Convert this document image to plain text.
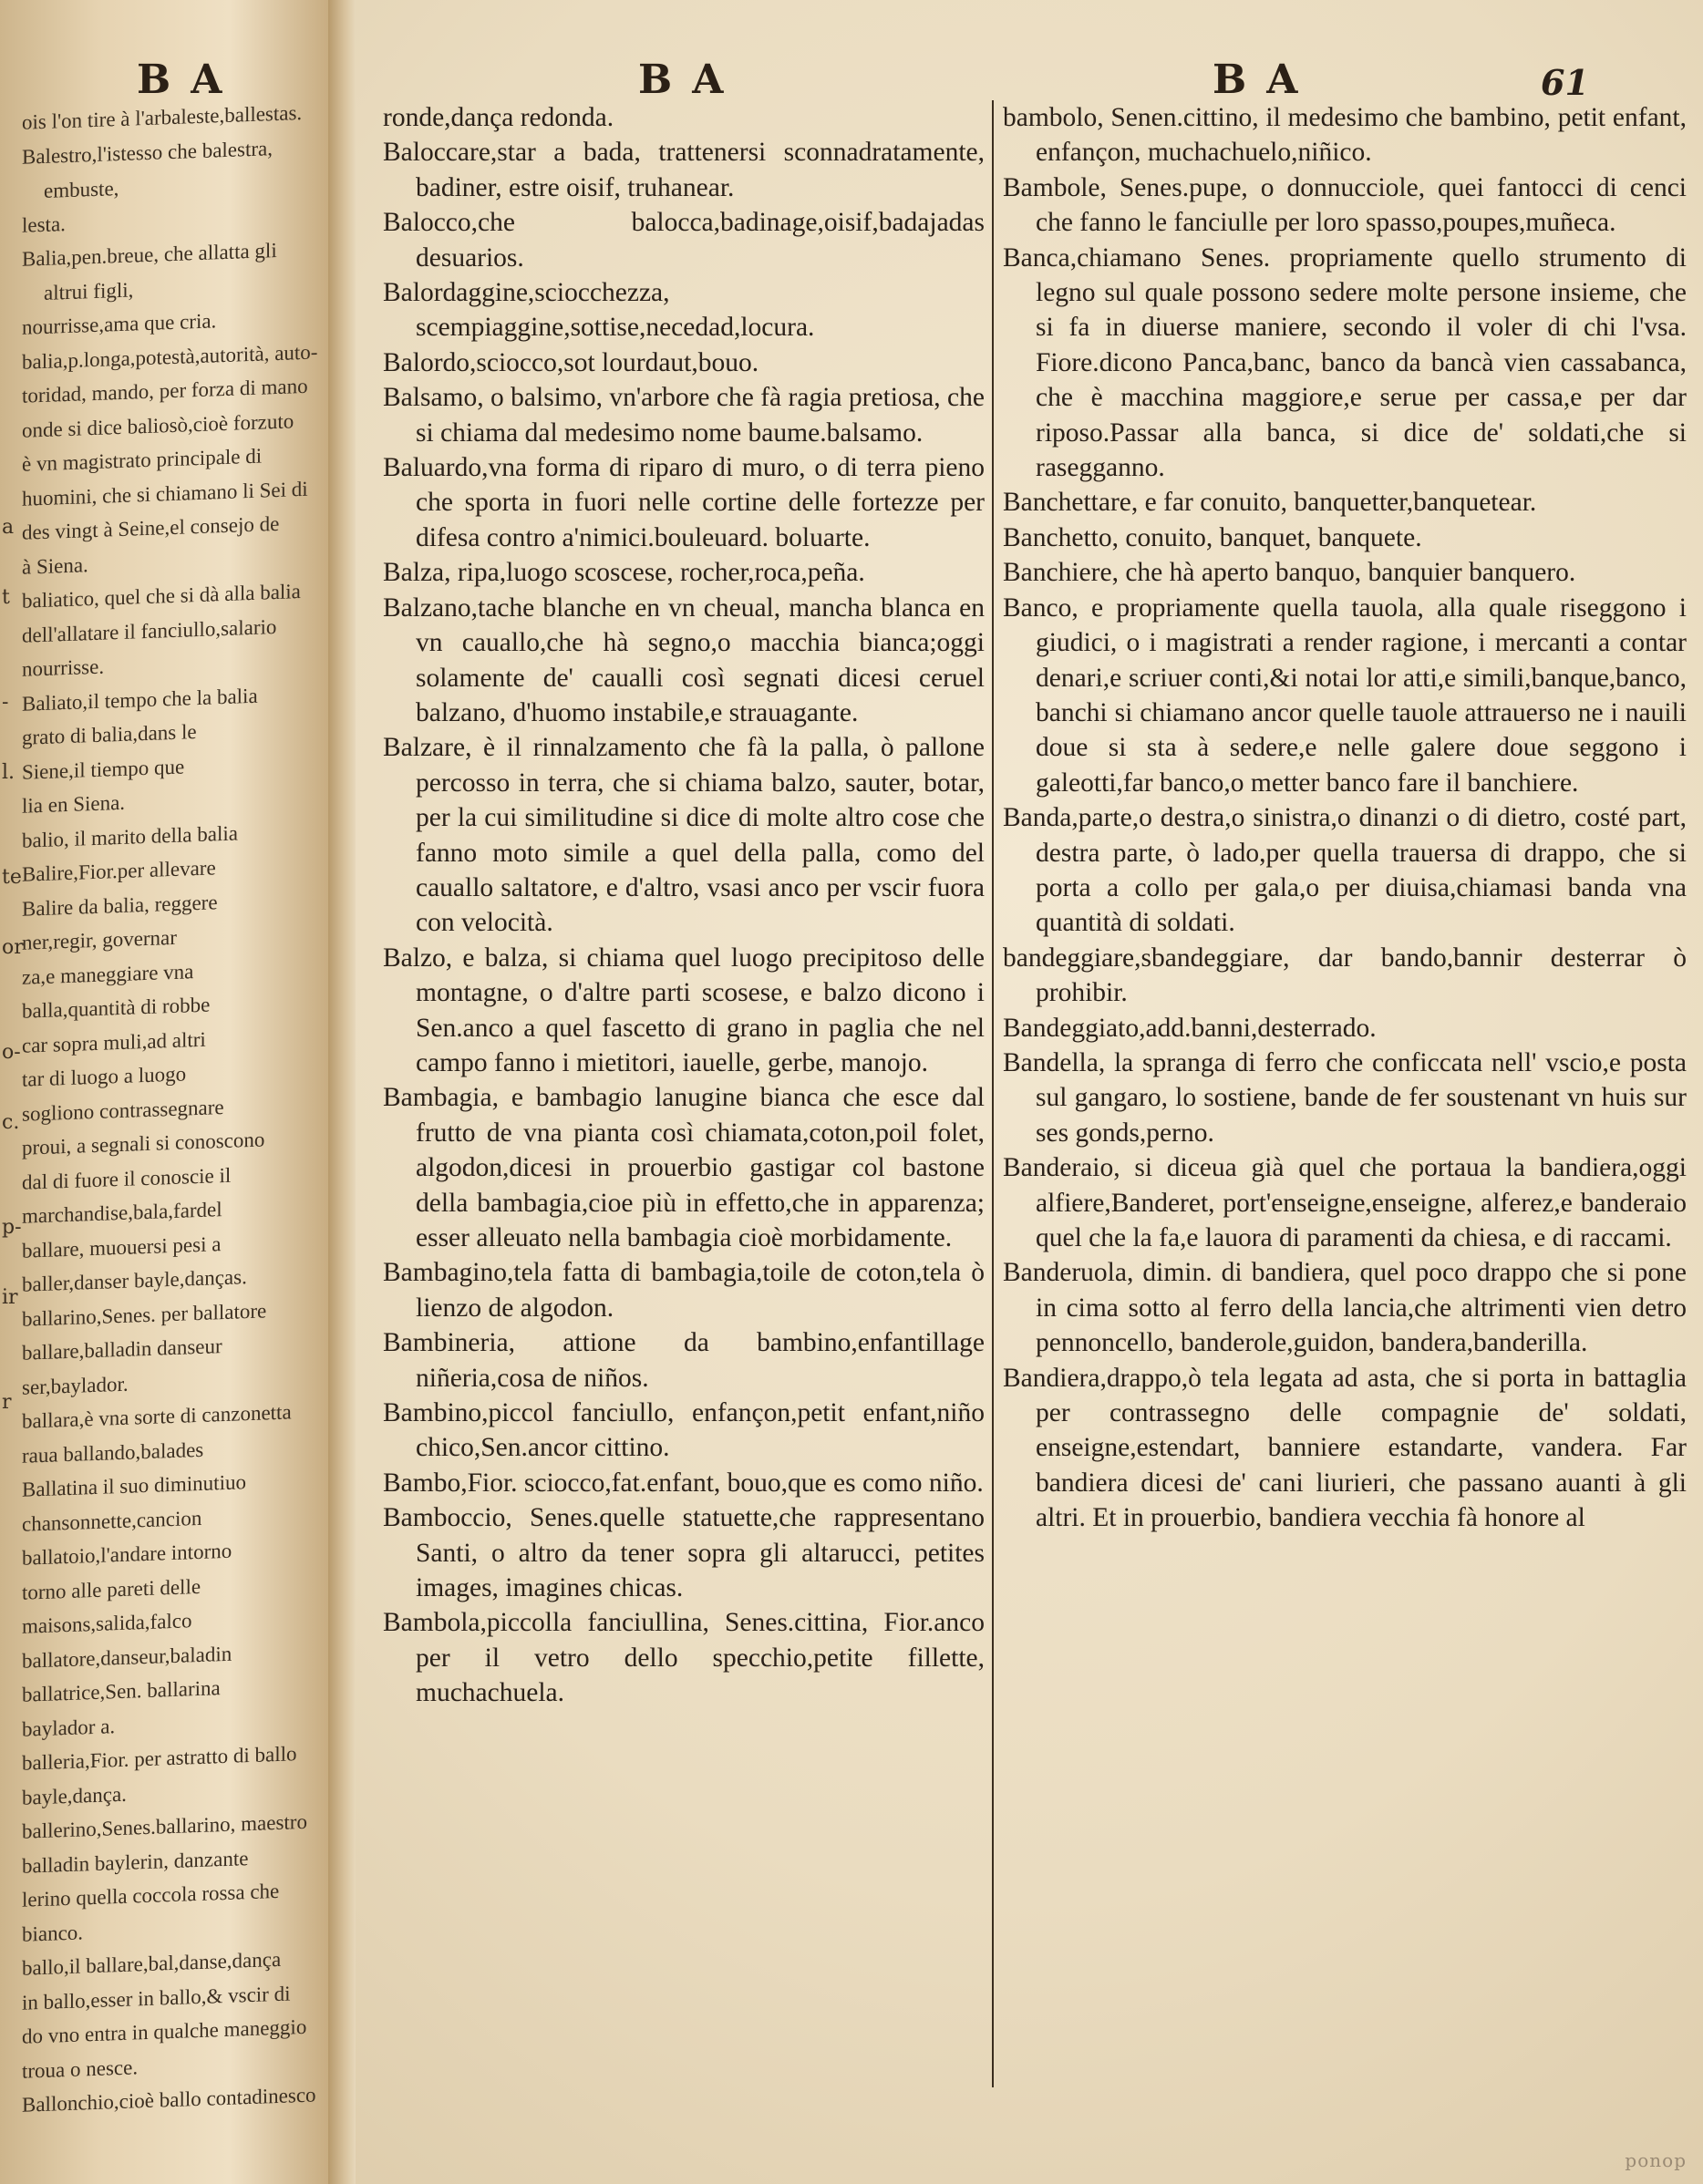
BA
a
t
-
l.
te
or
o-
c.
p-
ir
r

ois l'on tire à l'arbaleste,ballestas.

Balestro,l'istesso che balestra, embuste,

lesta.

Balia,pen.breue, che allatta gli altrui figli,

nourrisse,ama que cria.

balia,p.longa,potestà,autorità, auto-

toridad, mando, per forza di mano

onde si dice baliosò,cioè forzuto

è vn magistrato principale di

huomini, che si chiamano li Sei di

des vingt à Seine,el consejo de

à Siena.

baliatico, quel che si dà alla balia

dell'allatare il fanciullo,salario

nourrisse.

Baliato,il tempo che la balia

grato di balia,dans le

Siene,il tiempo que

lia en Siena.

balio, il marito della balia

Balire,Fior.per allevare

Balire da balia, reggere

ner,regir, governar

za,e maneggiare vna

balla,quantità di robbe

car sopra muli,ad altri

tar di luogo a luogo

sogliono contrassegnare

proui, a segnali si conoscono

dal di fuore il conoscie il

marchandise,bala,fardel

ballare, muouersi pesi a

baller,danser bayle,danças.

ballarino,Senes. per ballatore

ballare,balladin danseur

ser,baylador.

ballara,è vna sorte di canzonetta

raua ballando,balades

Ballatina il suo diminutiuo

chansonnette,cancion

ballatoio,l'andare intorno

torno alle pareti delle

maisons,salida,falco

ballatore,danseur,baladin

ballatrice,Sen. ballarina

baylador a.

balleria,Fior. per astratto di ballo

bayle,dança.

ballerino,Senes.ballarino, maestro

balladin baylerin, danzante

lerino quella coccola rossa che

bianco.

ballo,il ballare,bal,danse,dança

in ballo,esser in ballo,& vscir di

do vno entra in qualche maneggio

troua o nesce.

Ballonchio,cioè ballo contadinesco

BA	BA	61

ronde,dança redonda.

Baloccare,star a bada, trattenersi sconnadratamente, badiner, estre oisif, truhanear.

Balocco,che balocca,badinage,oisif,badajadas desuarios.

Balordaggine,sciocchezza, scempiaggine,sottise,necedad,locura.

Balordo,sciocco,sot lourdaut,bouo.

Balsamo, o balsimo, vn'arbore che fà ragia pretiosa, che si chiama dal medesimo nome baume.balsamo.

Baluardo,vna forma di riparo di muro, o di terra pieno che sporta in fuori nelle cortine delle fortezze per difesa contro a'nimici.bouleuard. boluarte.

Balza, ripa,luogo scoscese, rocher,roca,peña.

Balzano,tache blanche en vn cheual, mancha blanca en vn cauallo,che hà segno,o macchia bianca;oggi solamente de' caualli così segnati dicesi ceruel balzano, d'huomo instabile,e strauagante.

Balzare, è il rinnalzamento che fà la palla, ò pallone percosso in terra, che si chiama balzo, sauter, botar, per la cui similitudine si dice di molte altro cose che fanno moto simile a quel della palla, como del cauallo saltatore, e d'altro, vsasi anco per vscir fuora con velocità.

Balzo, e balza, si chiama quel luogo precipitoso delle montagne, o d'altre parti scosese, e balzo dicono i Sen.anco a quel fascetto di grano in paglia che nel campo fanno i mietitori, iauelle, gerbe, manojo.

Bambagia, e bambagio lanugine bianca che esce dal frutto de vna pianta così chiamata,coton,poil folet, algodon,dicesi in prouerbio gastigar col bastone della bambagia,cioe più in effetto,che in apparenza; esser alleuato nella bambagia cioè morbidamente.

Bambagino,tela fatta di bambagia,toile de coton,tela ò lienzo de algodon.

Bambineria, attione da bambino,enfantillage niñeria,cosa de niños.

Bambino,piccol fanciullo, enfançon,petit enfant,niño chico,Sen.ancor cittino.

Bambo,Fior. sciocco,fat.enfant, bouo,que es como niño.

Bamboccio, Senes.quelle statuette,che rappresentano Santi, o altro da tener sopra gli altarucci, petites images, imagines chicas.

Bambola,piccolla fanciullina, Senes.cittina, Fior.anco per il vetro dello specchio,petite fillette, muchachuela.

bambolo, Senen.cittino, il medesimo che bambino, petit enfant, enfançon, muchachuelo,niñico.

Bambole, Senes.pupe, o donnucciole, quei fantocci di cenci che fanno le fanciulle per loro spasso,poupes,muñeca.

Banca,chiamano Senes. propriamente quello strumento di legno sul quale possono sedere molte persone insieme, che si fa in diuerse maniere, secondo il voler di chi l'vsa. Fiore.dicono Panca,banc, banco da bancà vien cassabanca, che è macchina maggiore,e serue per cassa,e per dar riposo.Passar alla banca, si dice de' soldati,che si rasegganno.

Banchettare, e far conuito, banquetter,banquetear.

Banchetto, conuito, banquet, banquete.

Banchiere, che hà aperto banquo, banquier banquero.

Banco, e propriamente quella tauola, alla quale riseggono i giudici, o i magistrati a render ragione, i mercanti a contar denari,e scriuer conti,&i notai lor atti,e simili,banque,banco, banchi si chiamano ancor quelle tauole attrauerso ne i nauili doue si sta à sedere,e nelle galere doue seggono i galeotti,far banco,o metter banco fare il banchiere.

Banda,parte,o destra,o sinistra,o dinanzi o di dietro, costé part, destra parte, ò lado,per quella trauersa di drappo, che si porta a collo per gala,o per diuisa,chiamasi banda vna quantità di soldati.

bandeggiare,sbandeggiare, dar bando,bannir desterrar ò prohibir.

Bandeggiato,add.banni,desterrado.

Bandella, la spranga di ferro che conficcata nell' vscio,e posta sul gangaro, lo sostiene, bande de fer soustenant vn huis sur ses gonds,perno.

Banderaio, si diceua già quel che portaua la bandiera,oggi alfiere,Banderet, port'enseigne,enseigne, alferez,e banderaio quel che la fa,e lauora di paramenti da chiesa, e di raccami.

Banderuola, dimin. di bandiera, quel poco drappo che si pone in cima sotto al ferro della lancia,che altrimenti vien detro pennoncello, banderole,guidon, bandera,banderilla.

Bandiera,drappo,ò tela legata ad asta, che si porta in battaglia per contrassegno delle compagnie de' soldati, enseigne,estendart, banniere estandarte, vandera. Far bandiera dicesi de' cani liurieri, che passano auanti à gli altri. Et in prouerbio, bandiera vecchia fà honore al

ponop
